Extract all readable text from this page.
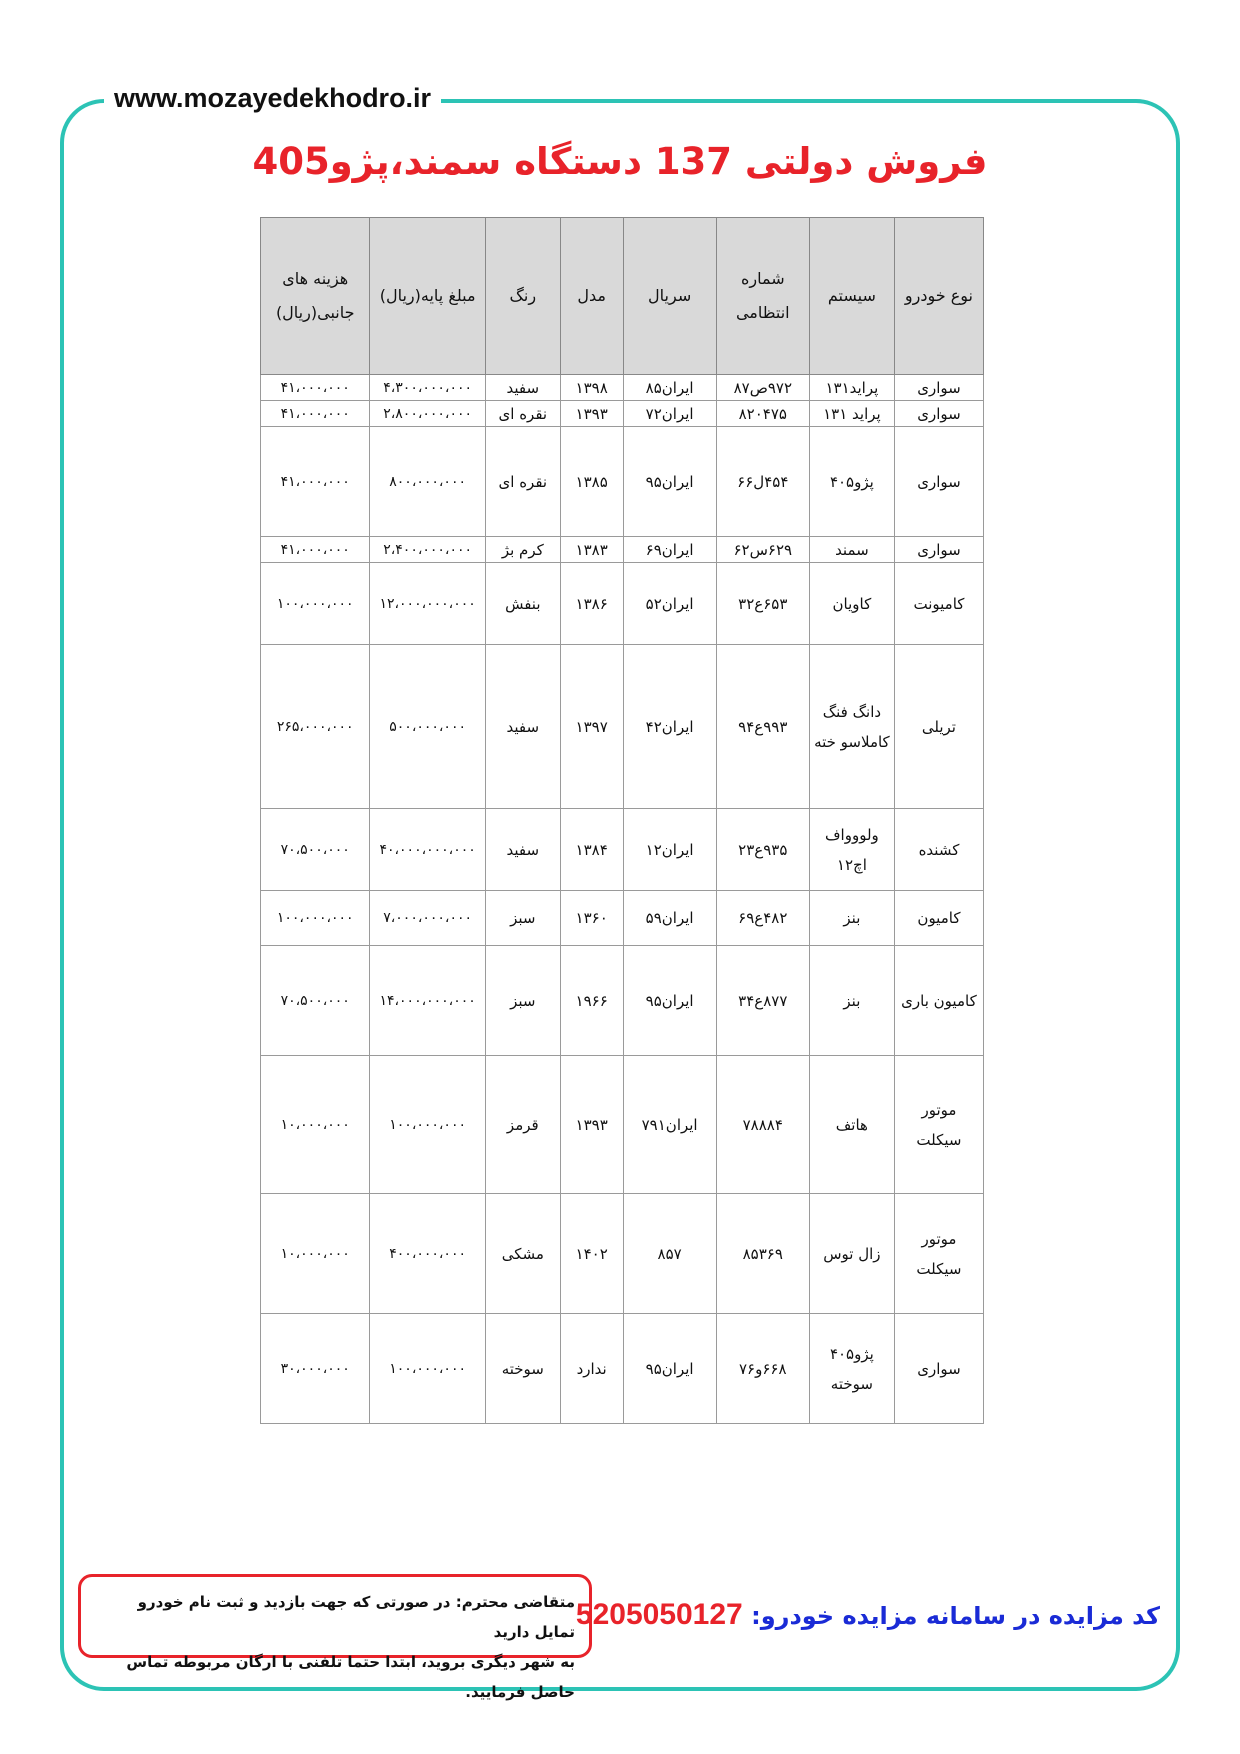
www.mozayedekhodro.ir
فروش دولتی 137 دستگاه سمند،پژو405
نوع خودرو	سیستم	شماره انتظامی	سریال	مدل	رنگ	مبلغ پایه(ریال)	هزینه های جانبی(ریال)
سواری	پراید۱۳۱	۹۷۲ص۸۷	ایران۸۵	۱۳۹۸	سفید	۴،۳۰۰،۰۰۰،۰۰۰	۴۱،۰۰۰،۰۰۰
سواری	پراید ۱۳۱	۸۲۰۴۷۵	ایران۷۲	۱۳۹۳	نقره ای	۲،۸۰۰،۰۰۰،۰۰۰	۴۱،۰۰۰،۰۰۰
سواری	پژو۴۰۵	۴۵۴ل۶۶	ایران۹۵	۱۳۸۵	نقره ای	۸۰۰،۰۰۰،۰۰۰	۴۱،۰۰۰،۰۰۰
سواری	سمند	۶۲۹س۶۲	ایران۶۹	۱۳۸۳	کرم بژ	۲،۴۰۰،۰۰۰،۰۰۰	۴۱،۰۰۰،۰۰۰
کامیونت	کاویان	۶۵۳ع۳۲	ایران۵۲	۱۳۸۶	بنفش	۱۲،۰۰۰،۰۰۰،۰۰۰	۱۰۰،۰۰۰،۰۰۰
تریلی	دانگ فنگ کاملاسو خته	۹۹۳ع۹۴	ایران۴۲	۱۳۹۷	سفید	۵۰۰،۰۰۰،۰۰۰	۲۶۵،۰۰۰،۰۰۰
کشنده	ولووواف اچ۱۲	۹۳۵ع۲۳	ایران۱۲	۱۳۸۴	سفید	۴۰،۰۰۰،۰۰۰،۰۰۰	۷۰،۵۰۰،۰۰۰
کامیون	بنز	۴۸۲ع۶۹	ایران۵۹	۱۳۶۰	سبز	۷،۰۰۰،۰۰۰،۰۰۰	۱۰۰،۰۰۰،۰۰۰
کامیون باری	بنز	۸۷۷ع۳۴	ایران۹۵	۱۹۶۶	سبز	۱۴،۰۰۰،۰۰۰،۰۰۰	۷۰،۵۰۰،۰۰۰
موتور سیکلت	هاتف	۷۸۸۸۴	ایران۷۹۱	۱۳۹۳	قرمز	۱۰۰،۰۰۰،۰۰۰	۱۰،۰۰۰،۰۰۰
موتور سیکلت	زال توس	۸۵۳۶۹	۸۵۷	۱۴۰۲	مشکی	۴۰۰،۰۰۰،۰۰۰	۱۰،۰۰۰،۰۰۰
سواری	پژو۴۰۵ سوخته	۶۶۸و۷۶	ایران۹۵	ندارد	سوخته	۱۰۰،۰۰۰،۰۰۰	۳۰،۰۰۰،۰۰۰
متقاضی محترم: در صورتی که جهت بازدید و ثبت نام خودرو تمایل دارید
به شهر دیگری بروید، ابتدا حتما تلفنی با ارگان مربوطه تماس حاصل فرمایید.
کد مزایده در سامانه مزایده خودرو: 5205050127
